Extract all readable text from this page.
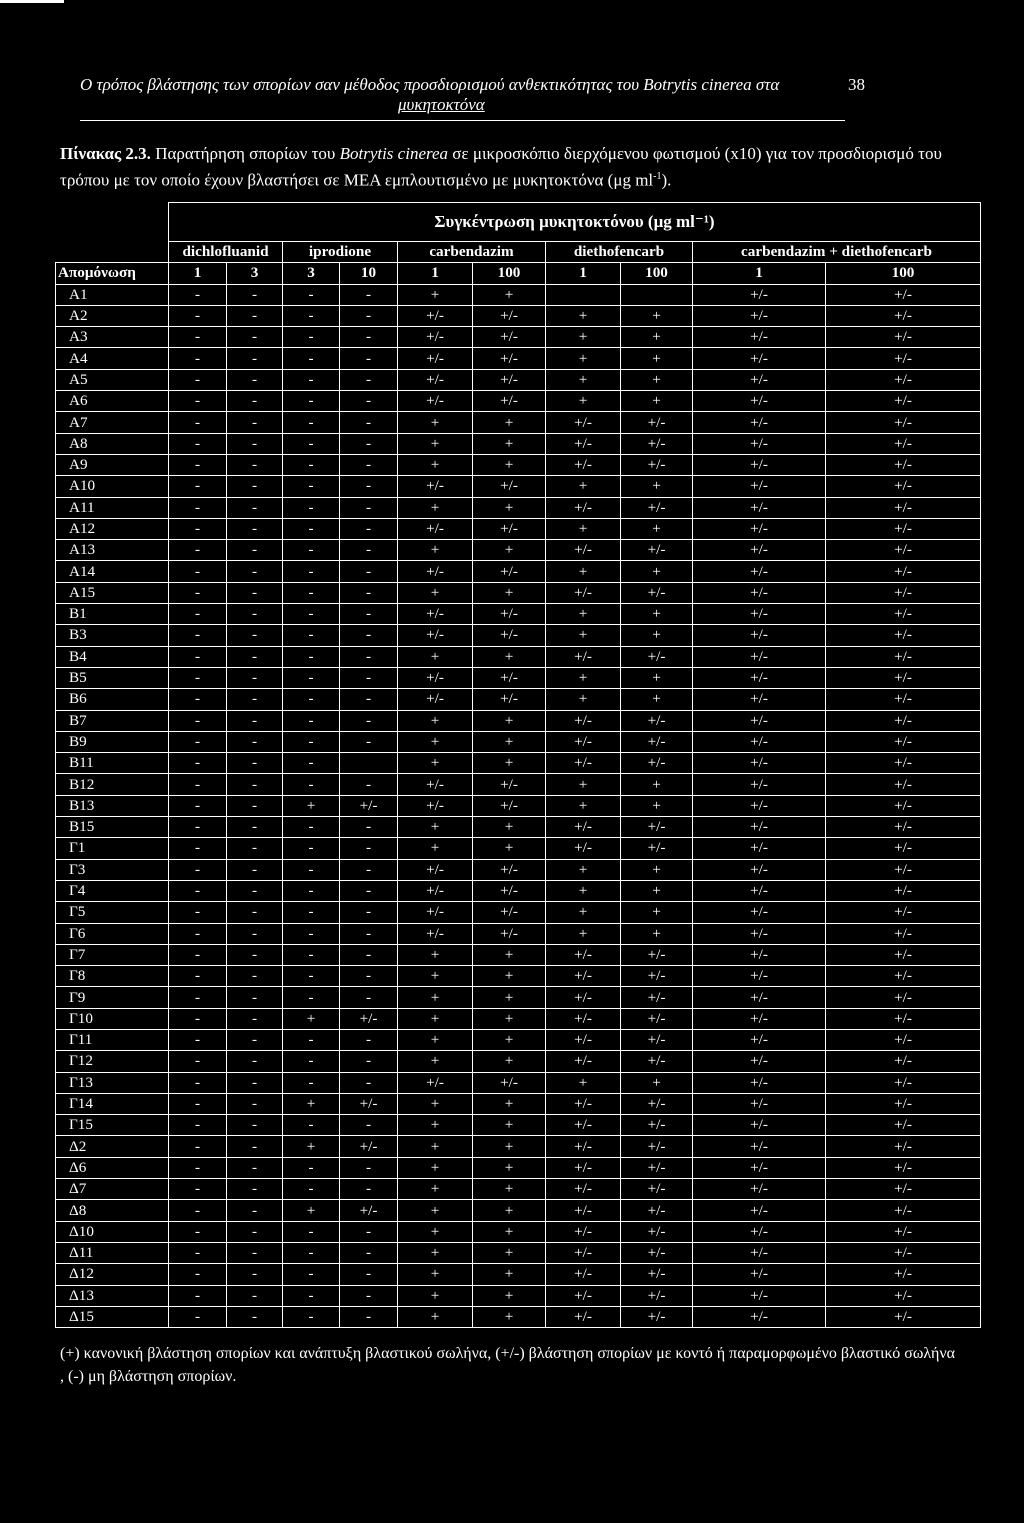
Ο τρόπος βλάστησης των σπορίων σαν μέθοδος προσδιορισμού ανθεκτικότητας του Botrytis cinerea στα
μυκητοκτόνα
38
Πίνακας 2.3. Παρατήρηση σπορίων του Botrytis cinerea σε μικροσκόπιο διερχόμενου φωτισμού (x10) για τον προσδιορισμό του τρόπου με τον οποίο έχουν βλαστήσει σε MEA εμπλουτισμένο με μυκητοκτόνα (μg $ml^{-1}$).
	Συγκέντρωση μυκητοκτόνου (μg ml⁻¹)									
	dichlofluanid		iprodione		carbendazim		diethofencarb		carbendazim + diethofencarb	
Απομόνωση	1	3	3	10	1	100	1	100	1	100
A1	-	-	-	-	+	+			+/-	+/-
A2	-	-	-	-	+/-	+/-	+	+	+/-	+/-
A3	-	-	-	-	+/-	+/-	+	+	+/-	+/-
A4	-	-	-	-	+/-	+/-	+	+	+/-	+/-
A5	-	-	-	-	+/-	+/-	+	+	+/-	+/-
A6	-	-	-	-	+/-	+/-	+	+	+/-	+/-
A7	-	-	-	-	+	+	+/-	+/-	+/-	+/-
A8	-	-	-	-	+	+	+/-	+/-	+/-	+/-
A9	-	-	-	-	+	+	+/-	+/-	+/-	+/-
A10	-	-	-	-	+/-	+/-	+	+	+/-	+/-
A11	-	-	-	-	+	+	+/-	+/-	+/-	+/-
A12	-	-	-	-	+/-	+/-	+	+	+/-	+/-
A13	-	-	-	-	+	+	+/-	+/-	+/-	+/-
A14	-	-	-	-	+/-	+/-	+	+	+/-	+/-
A15	-	-	-	-	+	+	+/-	+/-	+/-	+/-
B1	-	-	-	-	+/-	+/-	+	+	+/-	+/-
B3	-	-	-	-	+/-	+/-	+	+	+/-	+/-
B4	-	-	-	-	+	+	+/-	+/-	+/-	+/-
B5	-	-	-	-	+/-	+/-	+	+	+/-	+/-
B6	-	-	-	-	+/-	+/-	+	+	+/-	+/-
B7	-	-	-	-	+	+	+/-	+/-	+/-	+/-
B9	-	-	-	-	+	+	+/-	+/-	+/-	+/-
B11	-	-	-		+	+	+/-	+/-	+/-	+/-
B12	-	-	-	-	+/-	+/-	+	+	+/-	+/-
B13	-	-	+	+/-	+/-	+/-	+	+	+/-	+/-
B15	-	-	-	-	+	+	+/-	+/-	+/-	+/-
Γ1	-	-	-	-	+	+	+/-	+/-	+/-	+/-
Γ3	-	-	-	-	+/-	+/-	+	+	+/-	+/-
Γ4	-	-	-	-	+/-	+/-	+	+	+/-	+/-
Γ5	-	-	-	-	+/-	+/-	+	+	+/-	+/-
Γ6	-	-	-	-	+/-	+/-	+	+	+/-	+/-
Γ7	-	-	-	-	+	+	+/-	+/-	+/-	+/-
Γ8	-	-	-	-	+	+	+/-	+/-	+/-	+/-
Γ9	-	-	-	-	+	+	+/-	+/-	+/-	+/-
Γ10	-	-	+	+/-	+	+	+/-	+/-	+/-	+/-
Γ11	-	-	-	-	+	+	+/-	+/-	+/-	+/-
Γ12	-	-	-	-	+	+	+/-	+/-	+/-	+/-
Γ13	-	-	-	-	+/-	+/-	+	+	+/-	+/-
Γ14	-	-	+	+/-	+	+	+/-	+/-	+/-	+/-
Γ15	-	-	-	-	+	+	+/-	+/-	+/-	+/-
Δ2	-	-	+	+/-	+	+	+/-	+/-	+/-	+/-
Δ6	-	-	-	-	+	+	+/-	+/-	+/-	+/-
Δ7	-	-	-	-	+	+	+/-	+/-	+/-	+/-
Δ8	-	-	+	+/-	+	+	+/-	+/-	+/-	+/-
Δ10	-	-	-	-	+	+	+/-	+/-	+/-	+/-
Δ11	-	-	-	-	+	+	+/-	+/-	+/-	+/-
Δ12	-	-	-	-	+	+	+/-	+/-	+/-	+/-
Δ13	-	-	-	-	+	+	+/-	+/-	+/-	+/-
Δ15	-	-	-	-	+	+	+/-	+/-	+/-	+/-
(+) κανονική βλάστηση σπορίων και ανάπτυξη βλαστικού σωλήνα, (+/-) βλάστηση σπορίων με κοντό ή παραμορφωμένο βλαστικό σωλήνα , (-) μη βλάστηση σπορίων.
